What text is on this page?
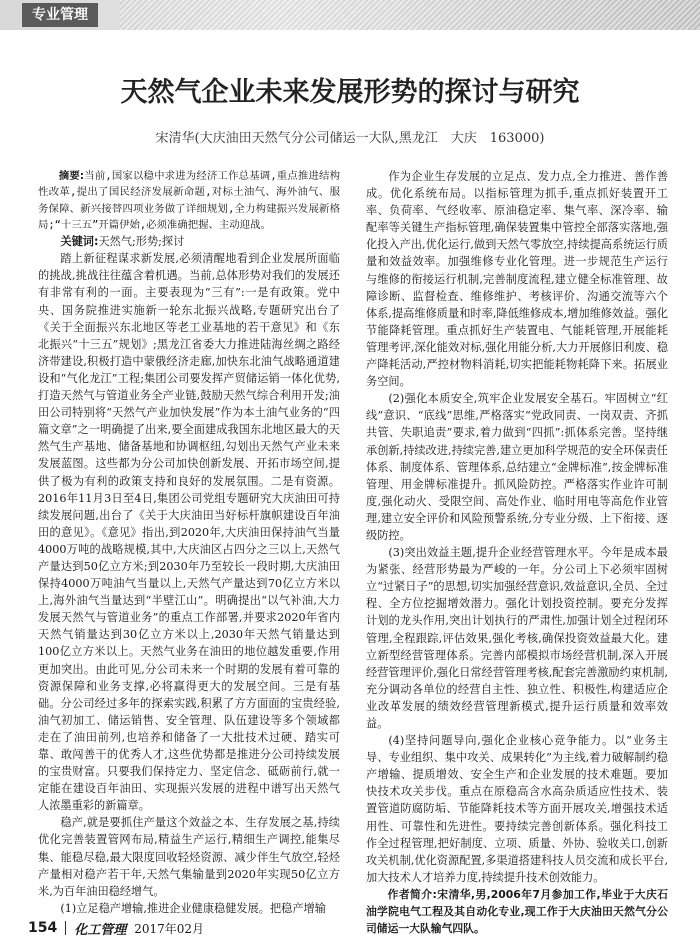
专业管理
天然气企业未来发展形势的探讨与研究
宋清华(大庆油田天然气分公司储运一大队,黑龙江　大庆　163000)

摘要:当前,国家以稳中求进为经济工作总基调,重点推进结构性改革,提出了国民经济发展新命题,对标土油气、海外油气、服务保障、新兴接替四项业务做了详细规划,全力构建振兴发展新格局;“十三五”开篇伊始,必须准确把握、主动迎战。

关键词:天然气;形势;探讨

踏上新征程谋求新发展,必须清醒地看到企业发展所面临的挑战,挑战往往蕴含着机遇。当前,总体形势对我们的发展还有非常有利的一面。主要表现为“三有”:一是有政策。党中央、国务院推进实施新一轮东北振兴战略,专题研究出台了《关于全面振兴东北地区等老工业基地的若干意见》和《东北振兴“十三五”规划》;黑龙江省委大力推进陆海丝绸之路经济带建设,积极打造中蒙俄经济走廊,加快东北油气战略通道建设和“气化龙江”工程;集团公司要发挥产贸储运销一体化优势,打造天然气与管道业务全产业链,鼓励天然气综合利用开发;油田公司特别将“天然气产业加快发展”作为本土油气业务的“四篇文章”之一明确提了出来,要全面建成我国东北地区最大的天然气生产基地、储备基地和协调枢纽,勾划出天然气产业未来发展蓝图。这些都为分公司加快创新发展、开拓市场空间,提供了极为有利的政策支持和良好的发展氛围。二是有资源。2016年11月3日至4日,集团公司党组专题研究大庆油田可持续发展问题,出台了《关于大庆油田当好标杆旗帜建设百年油田的意见》。《意见》指出,到2020年,大庆油田保持油气当量4000万吨的战略规模,其中,大庆油区占四分之三以上,天然气产量达到50亿立方米;到2030年乃至较长一段时期,大庆油田保持4000万吨油气当量以上,天然气产量达到70亿立方米以上,海外油气当量达到“半壁江山”。明确提出“以气补油,大力发展天然气与管道业务”的重点工作部署,并要求2020年省内天然气销量达到30亿立方米以上,2030年天然气销量达到100亿立方米以上。天然气业务在油田的地位越发重要,作用更加突出。由此可见,分公司未来一个时期的发展有着可靠的资源保障和业务支撑,必将赢得更大的发展空间。三是有基础。分公司经过多年的探索实践,积累了方方面面的宝贵经验,油气初加工、储运销售、安全管理、队伍建设等多个领域都走在了油田前列,也培养和储备了一大批技术过硬、踏实可靠、敢闯善干的优秀人才,这些优势都是推进分公司持续发展的宝贵财富。只要我们保持定力、坚定信念、砥砺前行,就一定能在建设百年油田、实现振兴发展的进程中谱写出天然气人浓墨重彩的新篇章。

稳产,就是要抓住产量这个效益之本、生存发展之基,持续优化完善装置管网布局,精益生产运行,精细生产调控,能集尽集、能稳尽稳,最大限度回收轻烃资源、减少伴生气放空,轻烃产量相对稳产若干年,天然气集输量到2020年实现50亿立方米,为百年油田稳经增气。

(1)立足稳产增输,推进企业健康稳健发展。把稳产增输

作为企业生存发展的立足点、发力点,全力推进、善作善成。优化系统布局。以指标管理为抓手,重点抓好装置开工率、负荷率、气经收率、原油稳定率、集气率、深冷率、输配率等关键生产指标管理,确保装置集中管控全部落实落地,强化投入产出,优化运行,做到天然气零放空,持续提高系统运行质量和效益效率。加强维修专业化管理。进一步规范生产运行与维修的衔接运行机制,完善制度流程,建立健全标准管理、故障诊断、监督检查、维修维护、考核评价、沟通交流等六个体系,提高维修质量和时率,降低维修成本,增加维修效益。强化节能降耗管理。重点抓好生产装置电、气能耗管理,开展能耗管理考评,深化能效对标,强化用能分析,大力开展修旧利废、稳产降耗活动,严控材物料消耗,切实把能耗物耗降下来。拓展业务空间。

(2)强化本质安全,筑牢企业发展安全基石。牢固树立“红线”意识、“底线”思维,严格落实“党政同责、一岗双责、齐抓共管、失职追责”要求,着力做到“四抓”:抓体系完善。坚持继承创新,持续改进,持续完善,建立更加科学规范的安全环保责任体系、制度体系、管理体系,总结建立“金牌标准”,按金牌标准管理、用金牌标准提升。抓风险防控。严格落实作业许可制度,强化动火、受限空间、高处作业、临时用电等高危作业管理,建立安全评价和风险预警系统,分专业分级、上下衔接、逐级防控。

(3)突出效益主题,提升企业经营管理水平。今年是成本最为紧张、经营形势最为严峻的一年。分公司上下必须牢固树立“过紧日子”的思想,切实加强经营意识,效益意识,全员、全过程、全方位挖掘增效潜力。强化计划投资控制。要充分发挥计划的龙头作用,突出计划执行的严肃性,加强计划全过程闭环管理,全程跟踪,评估效果,强化考核,确保投资效益最大化。建立新型经营管理体系。完善内部模拟市场经营机制,深入开展经营管理评价,强化日常经营管理考核,配套完善激励约束机制,充分调动各单位的经营自主性、独立性、积极性,构建适应企业改革发展的绩效经营管理新模式,提升运行质量和效率效益。

(4)坚持问题导向,强化企业核心竞争能力。以“业务主导、专业组织、集中攻关、成果转化”为主线,着力破解制约稳产增输、提质增效、安全生产和企业发展的技术难题。要加快技术攻关步伐。重点在原稳高含水高杂质适应性技术、装置管道防腐防垢、节能降耗技术等方面开展攻关,增强技术适用性、可靠性和先进性。要持续完善创新体系。强化科技工作全过程管理,把好制度、立项、质量、外协、验收关口,创新攻关机制,优化资源配置,多渠道搭建科技人员交流和成长平台,加大技术人才培养力度,持续提升技术创效能力。

作者简介:宋清华,男,2006年7月参加工作,毕业于大庆石油学院电气工程及其自动化专业,现工作于大庆油田天然气分公司储运一大队输气四队。

154 化工管理 2017年02月
